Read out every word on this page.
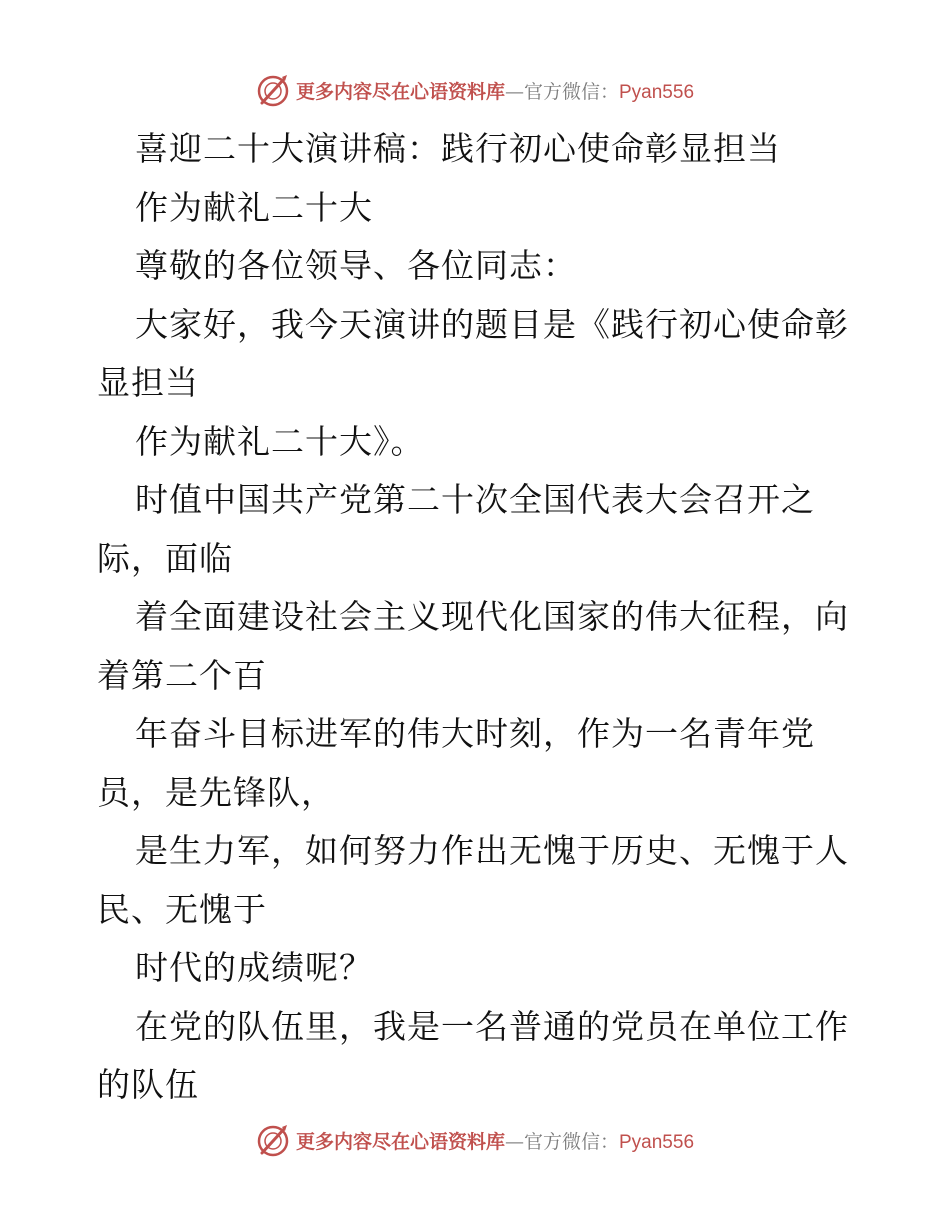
更多内容尽在心语资料库—官方微信：Pyan556
喜迎二十大演讲稿：践行初心使命彰显担当
作为献礼二十大
尊敬的各位领导、各位同志：
大家好，我今天演讲的题目是《践行初心使命彰
显担当
作为献礼二十大》。
时值中国共产党第二十次全国代表大会召开之
际，面临
着全面建设社会主义现代化国家的伟大征程，向
着第二个百
年奋斗目标进军的伟大时刻，作为一名青年党
员，是先锋队，
是生力军，如何努力作出无愧于历史、无愧于人
民、无愧于
时代的成绩呢？
在党的队伍里，我是一名普通的党员在单位工作
的队伍
更多内容尽在心语资料库—官方微信：Pyan556
